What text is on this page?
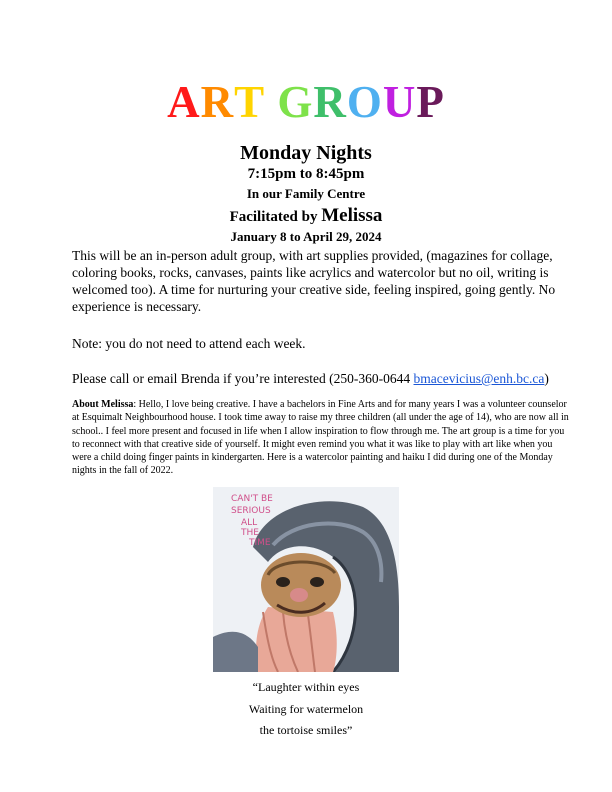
ART GROUP
Monday Nights
7:15pm to 8:45pm
In our Family Centre
Facilitated by Melissa
January 8 to April 29, 2024
This will be an in-person adult group, with art supplies provided, (magazines for collage, coloring books, rocks, canvases, paints like acrylics and watercolor but no oil, writing is welcomed too). A time for nurturing your creative side, feeling inspired, going gently. No experience is necessary.
Note: you do not need to attend each week.
Please call or email Brenda if you’re interested (250-360-0644 bmacevicius@enh.bc.ca)
About Melissa: Hello, I love being creative. I have a bachelors in Fine Arts and for many years I was a volunteer counselor at Esquimalt Neighbourhood house. I took time away to raise my three children (all under the age of 14), who are now all in school.. I feel more present and focused in life when I allow inspiration to flow through me. The art group is a time for you to reconnect with that creative side of yourself. It might even remind you what it was like to play with art like when you were a child doing finger paints in kindergarten. Here is a watercolor painting and haiku I did during one of the Monday nights in the fall of 2022.
CAN'T BE
SERIOUS
ALL
THE
TIME
“Laughter within eyes
Waiting for watermelon
the tortoise smiles”
